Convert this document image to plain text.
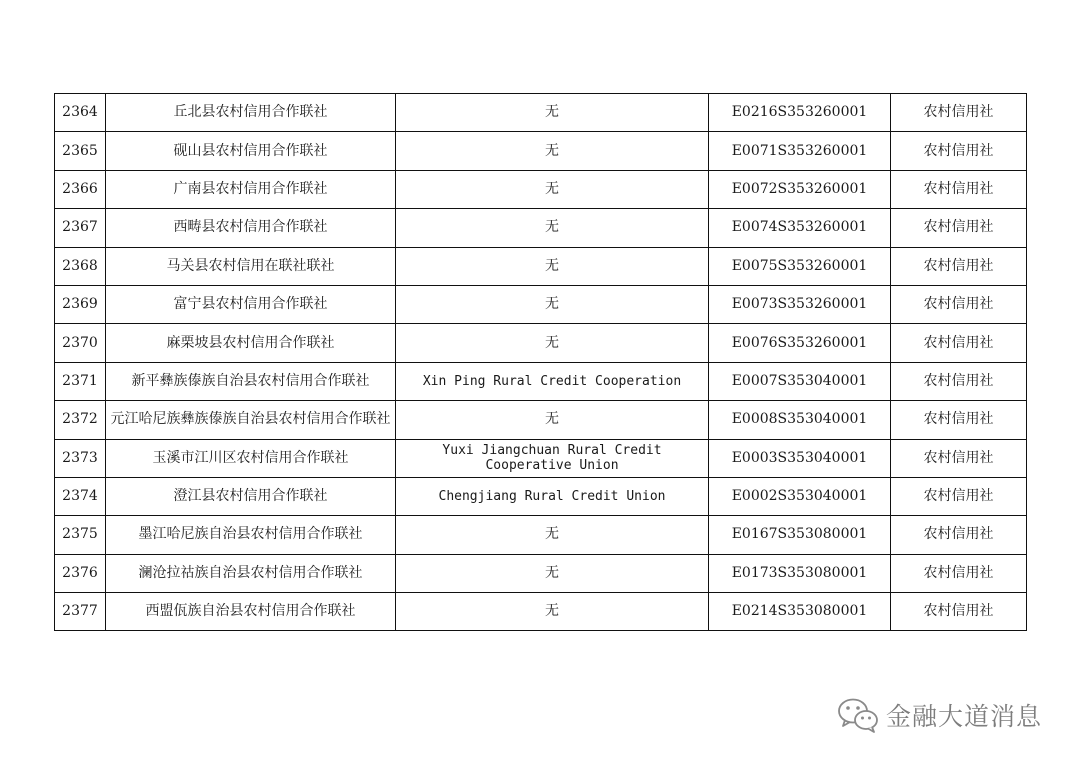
2364	丘北县农村信用合作联社	无	E0216S353260001	农村信用社
2365	砚山县农村信用合作联社	无	E0071S353260001	农村信用社
2366	广南县农村信用合作联社	无	E0072S353260001	农村信用社
2367	西畴县农村信用合作联社	无	E0074S353260001	农村信用社
2368	马关县农村信用在联社联社	无	E0075S353260001	农村信用社
2369	富宁县农村信用合作联社	无	E0073S353260001	农村信用社
2370	麻栗坡县农村信用合作联社	无	E0076S353260001	农村信用社
2371	新平彝族傣族自治县农村信用合作联社	Xin Ping Rural Credit Cooperation	E0007S353040001	农村信用社
2372	元江哈尼族彝族傣族自治县农村信用合作联社	无	E0008S353040001	农村信用社
2373	玉溪市江川区农村信用合作联社	Yuxi Jiangchuan Rural Credit Cooperative Union	E0003S353040001	农村信用社
2374	澄江县农村信用合作联社	Chengjiang Rural Credit Union	E0002S353040001	农村信用社
2375	墨江哈尼族自治县农村信用合作联社	无	E0167S353080001	农村信用社
2376	澜沧拉祜族自治县农村信用合作联社	无	E0173S353080001	农村信用社
2377	西盟佤族自治县农村信用合作联社	无	E0214S353080001	农村信用社
金融大道消息
